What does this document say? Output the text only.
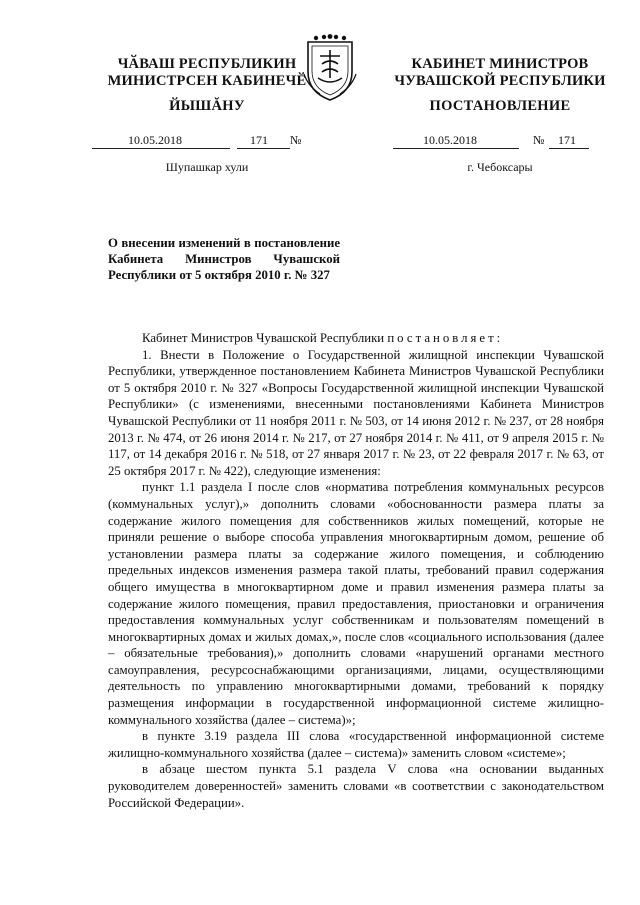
ЧӐВАШ РЕСПУБЛИКИН
МИНИСТРСЕН КАБИНЕЧӖ
КАБИНЕТ МИНИСТРОВ
ЧУВАШСКОЙ РЕСПУБЛИКИ
ЙЫШĂНУ	ПОСТАНОВЛЕНИЕ
10.05.2018	171 №	10.05.2018	№ 171
Шупашкар хули	г. Чебоксары
О внесении изменений в постановление Кабинета Министров Чувашской Республики от 5 октября 2010 г. № 327

Кабинет Министров Чувашской Республики постановляет:

1. Внести в Положение о Государственной жилищной инспекции Чувашской Республики, утвержденное постановлением Кабинета Министров Чувашской Республики от 5 октября 2010 г. № 327 «Вопросы Государственной жилищной инспекции Чувашской Республики» (с изменениями, внесенными постановлениями Кабинета Министров Чувашской Республики от 11 ноября 2011 г. № 503, от 14 июня 2012 г. № 237, от 28 ноября 2013 г. № 474, от 26 июня 2014 г. № 217, от 27 ноября 2014 г. № 411, от 9 апреля 2015 г. № 117, от 14 декабря 2016 г. № 518, от 27 января 2017 г. № 23, от 22 февраля 2017 г. № 63, от 25 октября 2017 г. № 422), следующие изменения:

пункт 1.1 раздела I после слов «норматива потребления коммунальных ресурсов (коммунальных услуг),» дополнить словами «обоснованности размера платы за содержание жилого помещения для собственников жилых помещений, которые не приняли решение о выборе способа управления многоквартирным домом, решение об установлении размера платы за содержание жилого помещения, и соблюдению предельных индексов изменения размера такой платы, требований правил содержания общего имущества в многоквартирном доме и правил изменения размера платы за содержание жилого помещения, правил предоставления, приостановки и ограничения предоставления коммунальных услуг собственникам и пользователям помещений в многоквартирных домах и жилых домах,», после слов «социального использования (далее – обязательные требования),» дополнить словами «нарушений органами местного самоуправления, ресурсоснабжающими организациями, лицами, осуществляющими деятельность по управлению многоквартирными домами, требований к порядку размещения информации в государственной информационной системе жилищно-коммунального хозяйства (далее – система)»;

в пункте 3.19 раздела III слова «государственной информационной системе жилищно-коммунального хозяйства (далее – система)» заменить словом «системе»;

в абзаце шестом пункта 5.1 раздела V слова «на основании выданных руководителем доверенностей» заменить словами «в соответствии с законодательством Российской Федерации».
